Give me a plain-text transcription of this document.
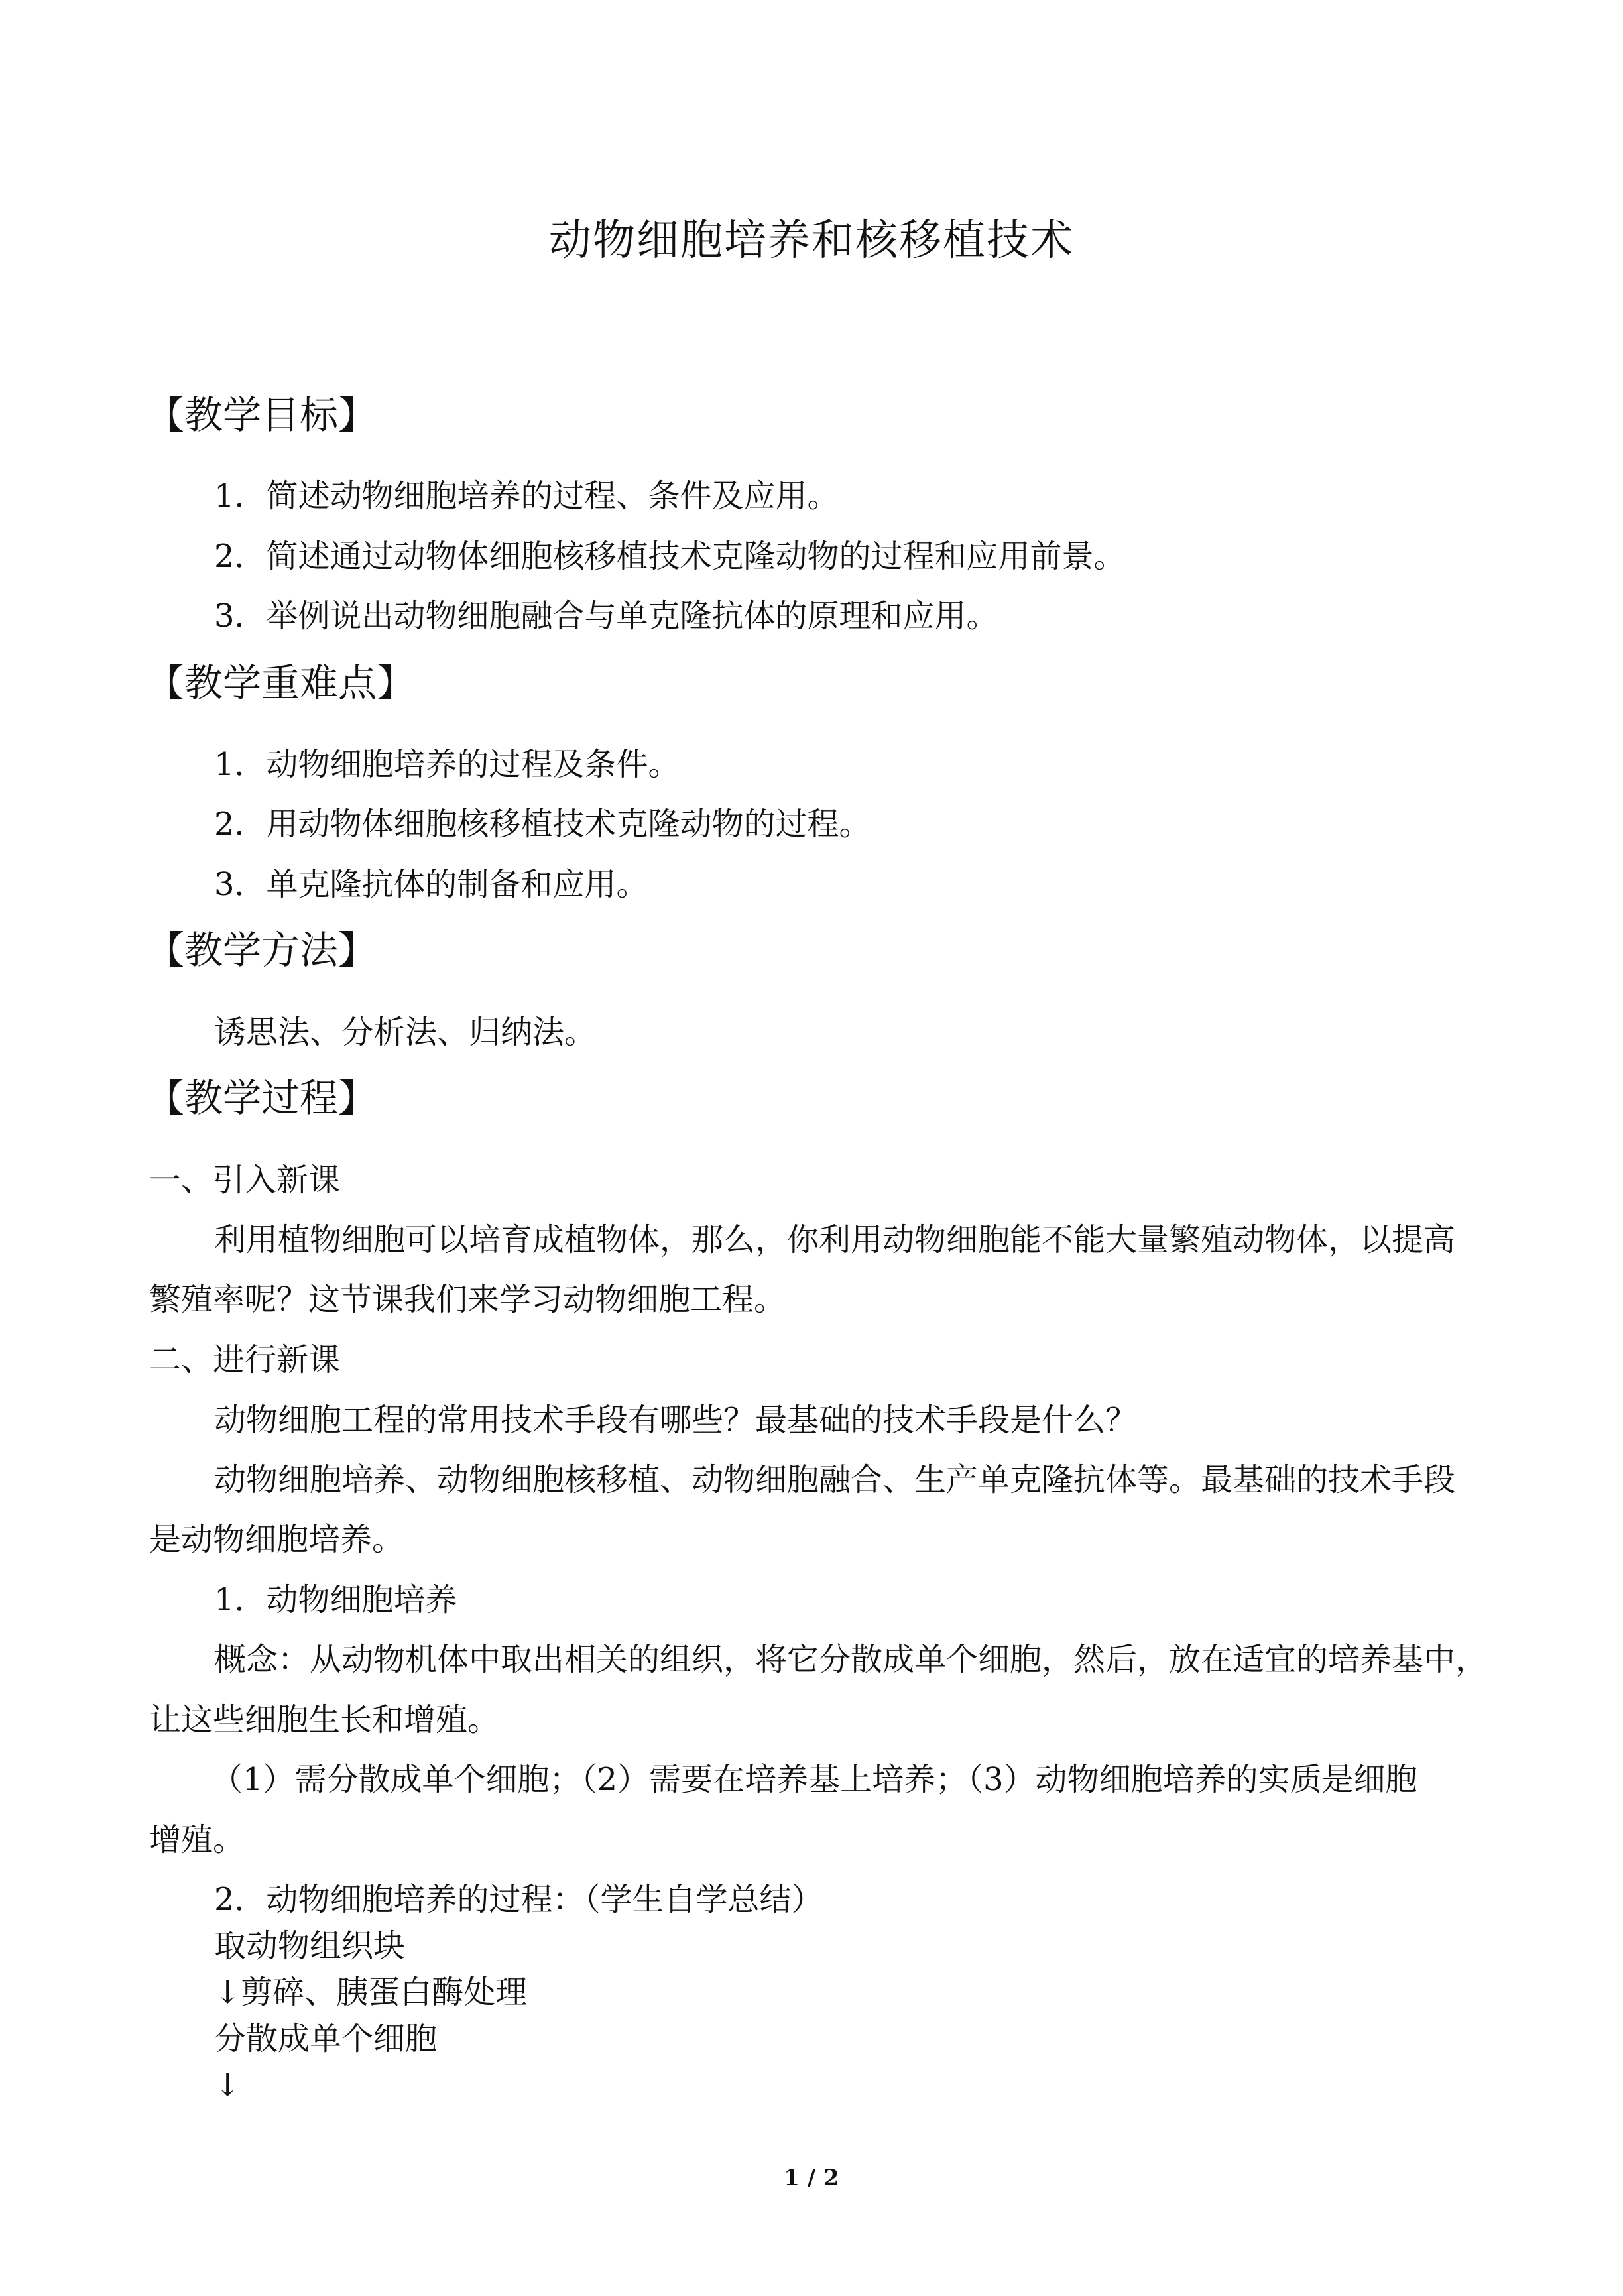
动物细胞培养和核移植技术
【教学目标】
1．简述动物细胞培养的过程、条件及应用。
2．简述通过动物体细胞核移植技术克隆动物的过程和应用前景。
3．举例说出动物细胞融合与单克隆抗体的原理和应用。
【教学重难点】
1．动物细胞培养的过程及条件。
2．用动物体细胞核移植技术克隆动物的过程。
3．单克隆抗体的制备和应用。
【教学方法】
诱思法、分析法、归纳法。
【教学过程】
一、引入新课
利用植物细胞可以培育成植物体，那么，你利用动物细胞能不能大量繁殖动物体，以提高
繁殖率呢？这节课我们来学习动物细胞工程。
二、进行新课
动物细胞工程的常用技术手段有哪些？最基础的技术手段是什么？
动物细胞培养、动物细胞核移植、动物细胞融合、生产单克隆抗体等。最基础的技术手段
是动物细胞培养。
1．动物细胞培养
概念：从动物机体中取出相关的组织，将它分散成单个细胞，然后，放在适宜的培养基中，
让这些细胞生长和增殖。
（1）需分散成单个细胞；（2）需要在培养基上培养；（3）动物细胞培养的实质是细胞
增殖。
2．动物细胞培养的过程：（学生自学总结）
取动物组织块
↓剪碎、胰蛋白酶处理
分散成单个细胞
↓
1 / 2
